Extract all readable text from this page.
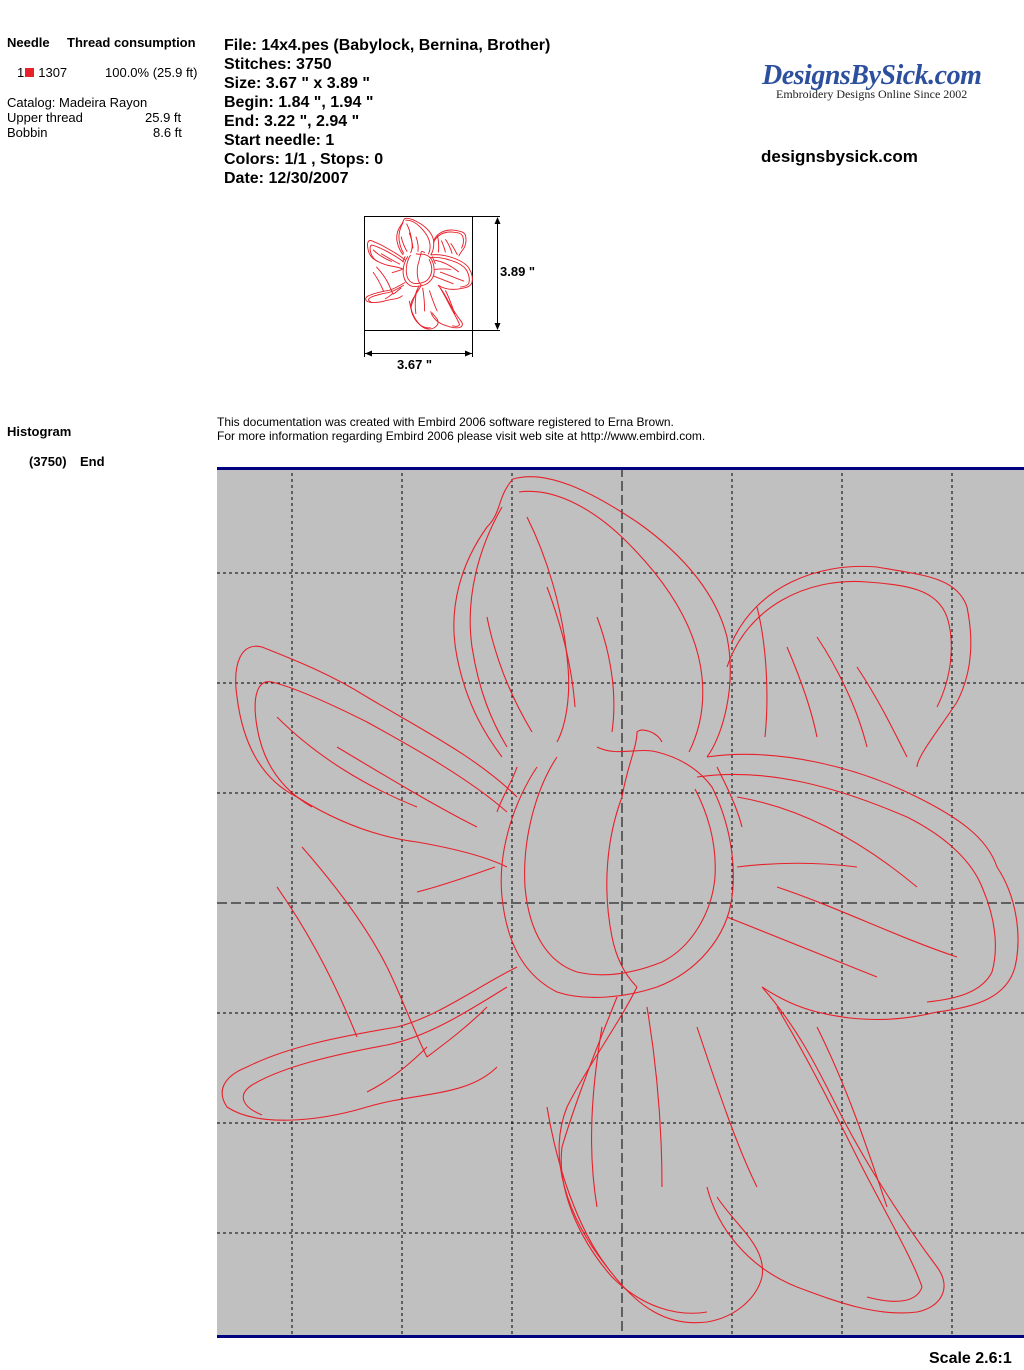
Needle Thread consumption
1 1307	100.0% (25.9 ft)
Catalog: Madeira Rayon
Upper thread	25.9 ft
Bobbin	8.6 ft
File: 14x4.pes (Babylock, Bernina, Brother)
Stitches: 3750
Size: 3.67 " x 3.89 "
Begin: 1.84 ", 1.94 "
End: 3.22 ", 2.94 "
Start needle: 1
Colors: 1/1 , Stops: 0
Date: 12/30/2007
DesignsBySick.com
Embroidery Designs Online Since 2002
designsbysick.com
3.89 "
3.67 "
Histogram
(3750) End
This documentation was created with Embird 2006 software registered to Erna Brown.
For more information regarding Embird 2006 please visit web site at http://www.embird.com.
Scale 2.6:1
